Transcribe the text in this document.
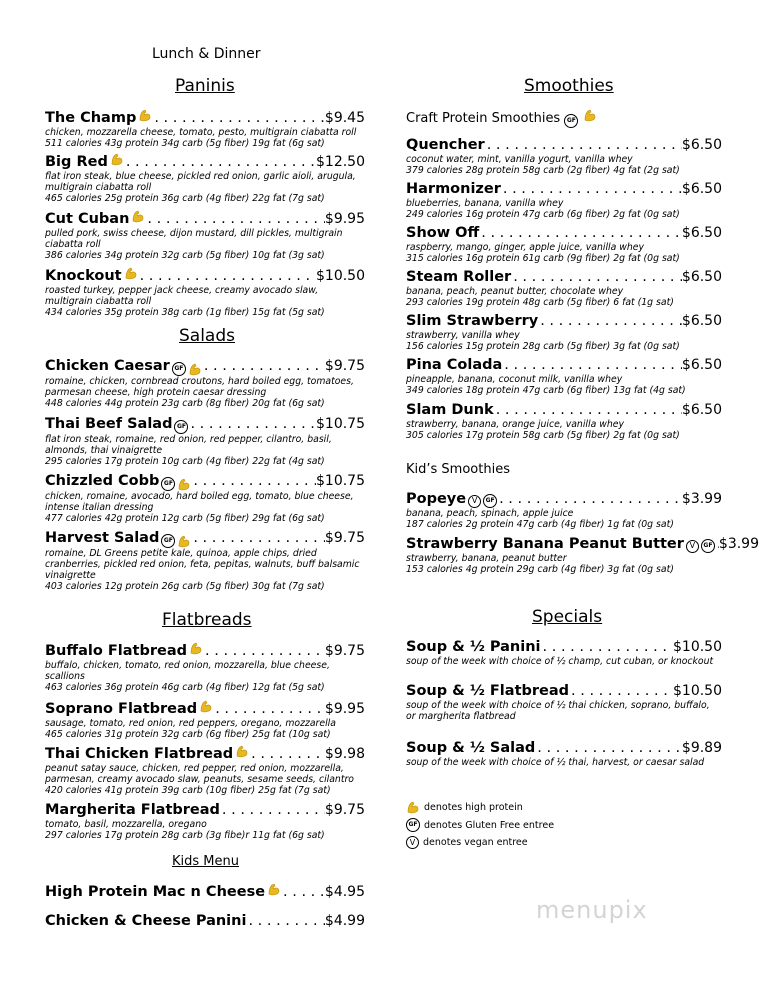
Lunch & Dinner
Paninis
The Champ . . .	$9.45
chicken, mozzarella cheese, tomato, pesto, multigrain ciabatta roll
511 calories 43g protein 34g carb (5g fiber) 19g fat (6g sat)
Big Red . . .	$12.50
flat iron steak, blue cheese, pickled red onion, garlic aioli, arugula, multigrain ciabatta roll
465 calories 25g protein 36g carb (4g fiber) 22g fat (7g sat)
Cut Cuban . . .	$9.95
pulled pork, swiss cheese, dijon mustard, dill pickles, multigrain ciabatta roll
386 calories 34g protein 32g carb (5g fiber) 10g fat (3g sat)
Knockout . . .	$10.50
roasted turkey, pepper jack cheese, creamy avocado slaw, multigrain ciabatta roll
434 calories 35g protein 38g carb (1g fiber) 15g fat (5g sat)
Salads
Chicken Caesar GF . . .	$9.75
romaine, chicken, cornbread croutons, hard boiled egg, tomatoes, parmesan cheese, high protein caesar dressing
448 calories 44g protein 23g carb (8g fiber) 20g fat (6g sat)
Thai Beef Salad GF . . .	$10.75
flat iron steak, romaine, red onion, red pepper, cilantro, basil, almonds, thai vinaigrette
295 calories 17g protein 10g carb (4g fiber) 22g fat (4g sat)
Chizzled Cobb GF . . .	$10.75
chicken, romaine, avocado, hard boiled egg, tomato, blue cheese, intense italian dressing
477 calories 42g protein 12g carb (5g fiber) 29g fat (6g sat)
Harvest Salad GF . . .	$9.75
romaine, DL Greens petite kale, quinoa, apple chips, dried cranberries, pickled red onion, feta, pepitas, walnuts, buff balsamic vinaigrette
403 calories 12g protein 26g carb (5g fiber) 30g fat (7g sat)
Flatbreads
Buffalo Flatbread . . .	$9.75
buffalo, chicken, tomato, red onion, mozzarella, blue cheese, scallions
463 calories 36g protein 46g carb (4g fiber) 12g fat (5g sat)
Soprano Flatbread . . .	$9.95
sausage, tomato, red onion, red peppers, oregano, mozzarella
465 calories 31g protein 32g carb (6g fiber) 25g fat (10g sat)
Thai Chicken Flatbread . . .	$9.98
peanut satay sauce, chicken, red pepper, red onion, mozzarella, parmesan, creamy avocado slaw, peanuts, sesame seeds, cilantro
420 calories 41g protein 39g carb (10g fiber) 25g fat (7g sat)
Margherita Flatbread . . .	$9.75
tomato, basil, mozzarella, oregano
297 calories 17g protein 28g carb (3g fibe)r 11g fat (6g sat)
Kids Menu
High Protein Mac n Cheese . . .	$4.95
Chicken & Cheese Panini . . .	$4.99
Smoothies
Craft Protein Smoothies GF
Quencher . . .	$6.50
coconut water, mint, vanilla yogurt, vanilla whey
379 calories 28g protein 58g carb (2g fiber) 4g fat (2g sat)
Harmonizer . . .	$6.50
blueberries, banana, vanilla whey
249 calories 16g protein 47g carb (6g fiber) 2g fat (0g sat)
Show Off . . .	$6.50
raspberry, mango, ginger, apple juice, vanilla whey
315 calories 16g protein 61g carb (9g fiber) 2g fat (0g sat)
Steam Roller . . .	$6.50
banana, peach, peanut butter, chocolate whey
293 calories 19g protein 48g carb (5g fiber) 6 fat (1g sat)
Slim Strawberry . . .	$6.50
strawberry, vanilla whey
156 calories 15g protein 28g carb (5g fiber) 3g fat (0g sat)
Pina Colada . . .	$6.50
pineapple, banana, coconut milk, vanilla whey
349 calories 18g protein 47g carb (6g fiber) 13g fat (4g sat)
Slam Dunk . . .	$6.50
strawberry, banana, orange juice, vanilla whey
305 calories 17g protein 58g carb (5g fiber) 2g fat (0g sat)
Kid’s Smoothies
Popeye V	GF . . .	$3.99
banana, peach, spinach, apple juice
187 calories 2g protein 47g carb (4g fiber) 1g fat (0g sat)
Strawberry Banana Peanut Butter V	GF . . . $3.99
strawberry, banana, peanut butter
153 calories 4g protein 29g carb (4g fiber) 3g fat (0g sat)
Specials
Soup & ½ Panini . . .	$10.50
soup of the week with choice of ½ champ, cut cuban, or knockout
Soup & ½ Flatbread . . .	$10.50
soup of the week with choice of ½ thai chicken, soprano, buffalo, or margherita flatbread
Soup & ½ Salad . . .	$9.89
soup of the week with choice of ½ thai, harvest, or caesar salad
denotes high protein
GF denotes Gluten Free entree
V denotes vegan entree
menupix
